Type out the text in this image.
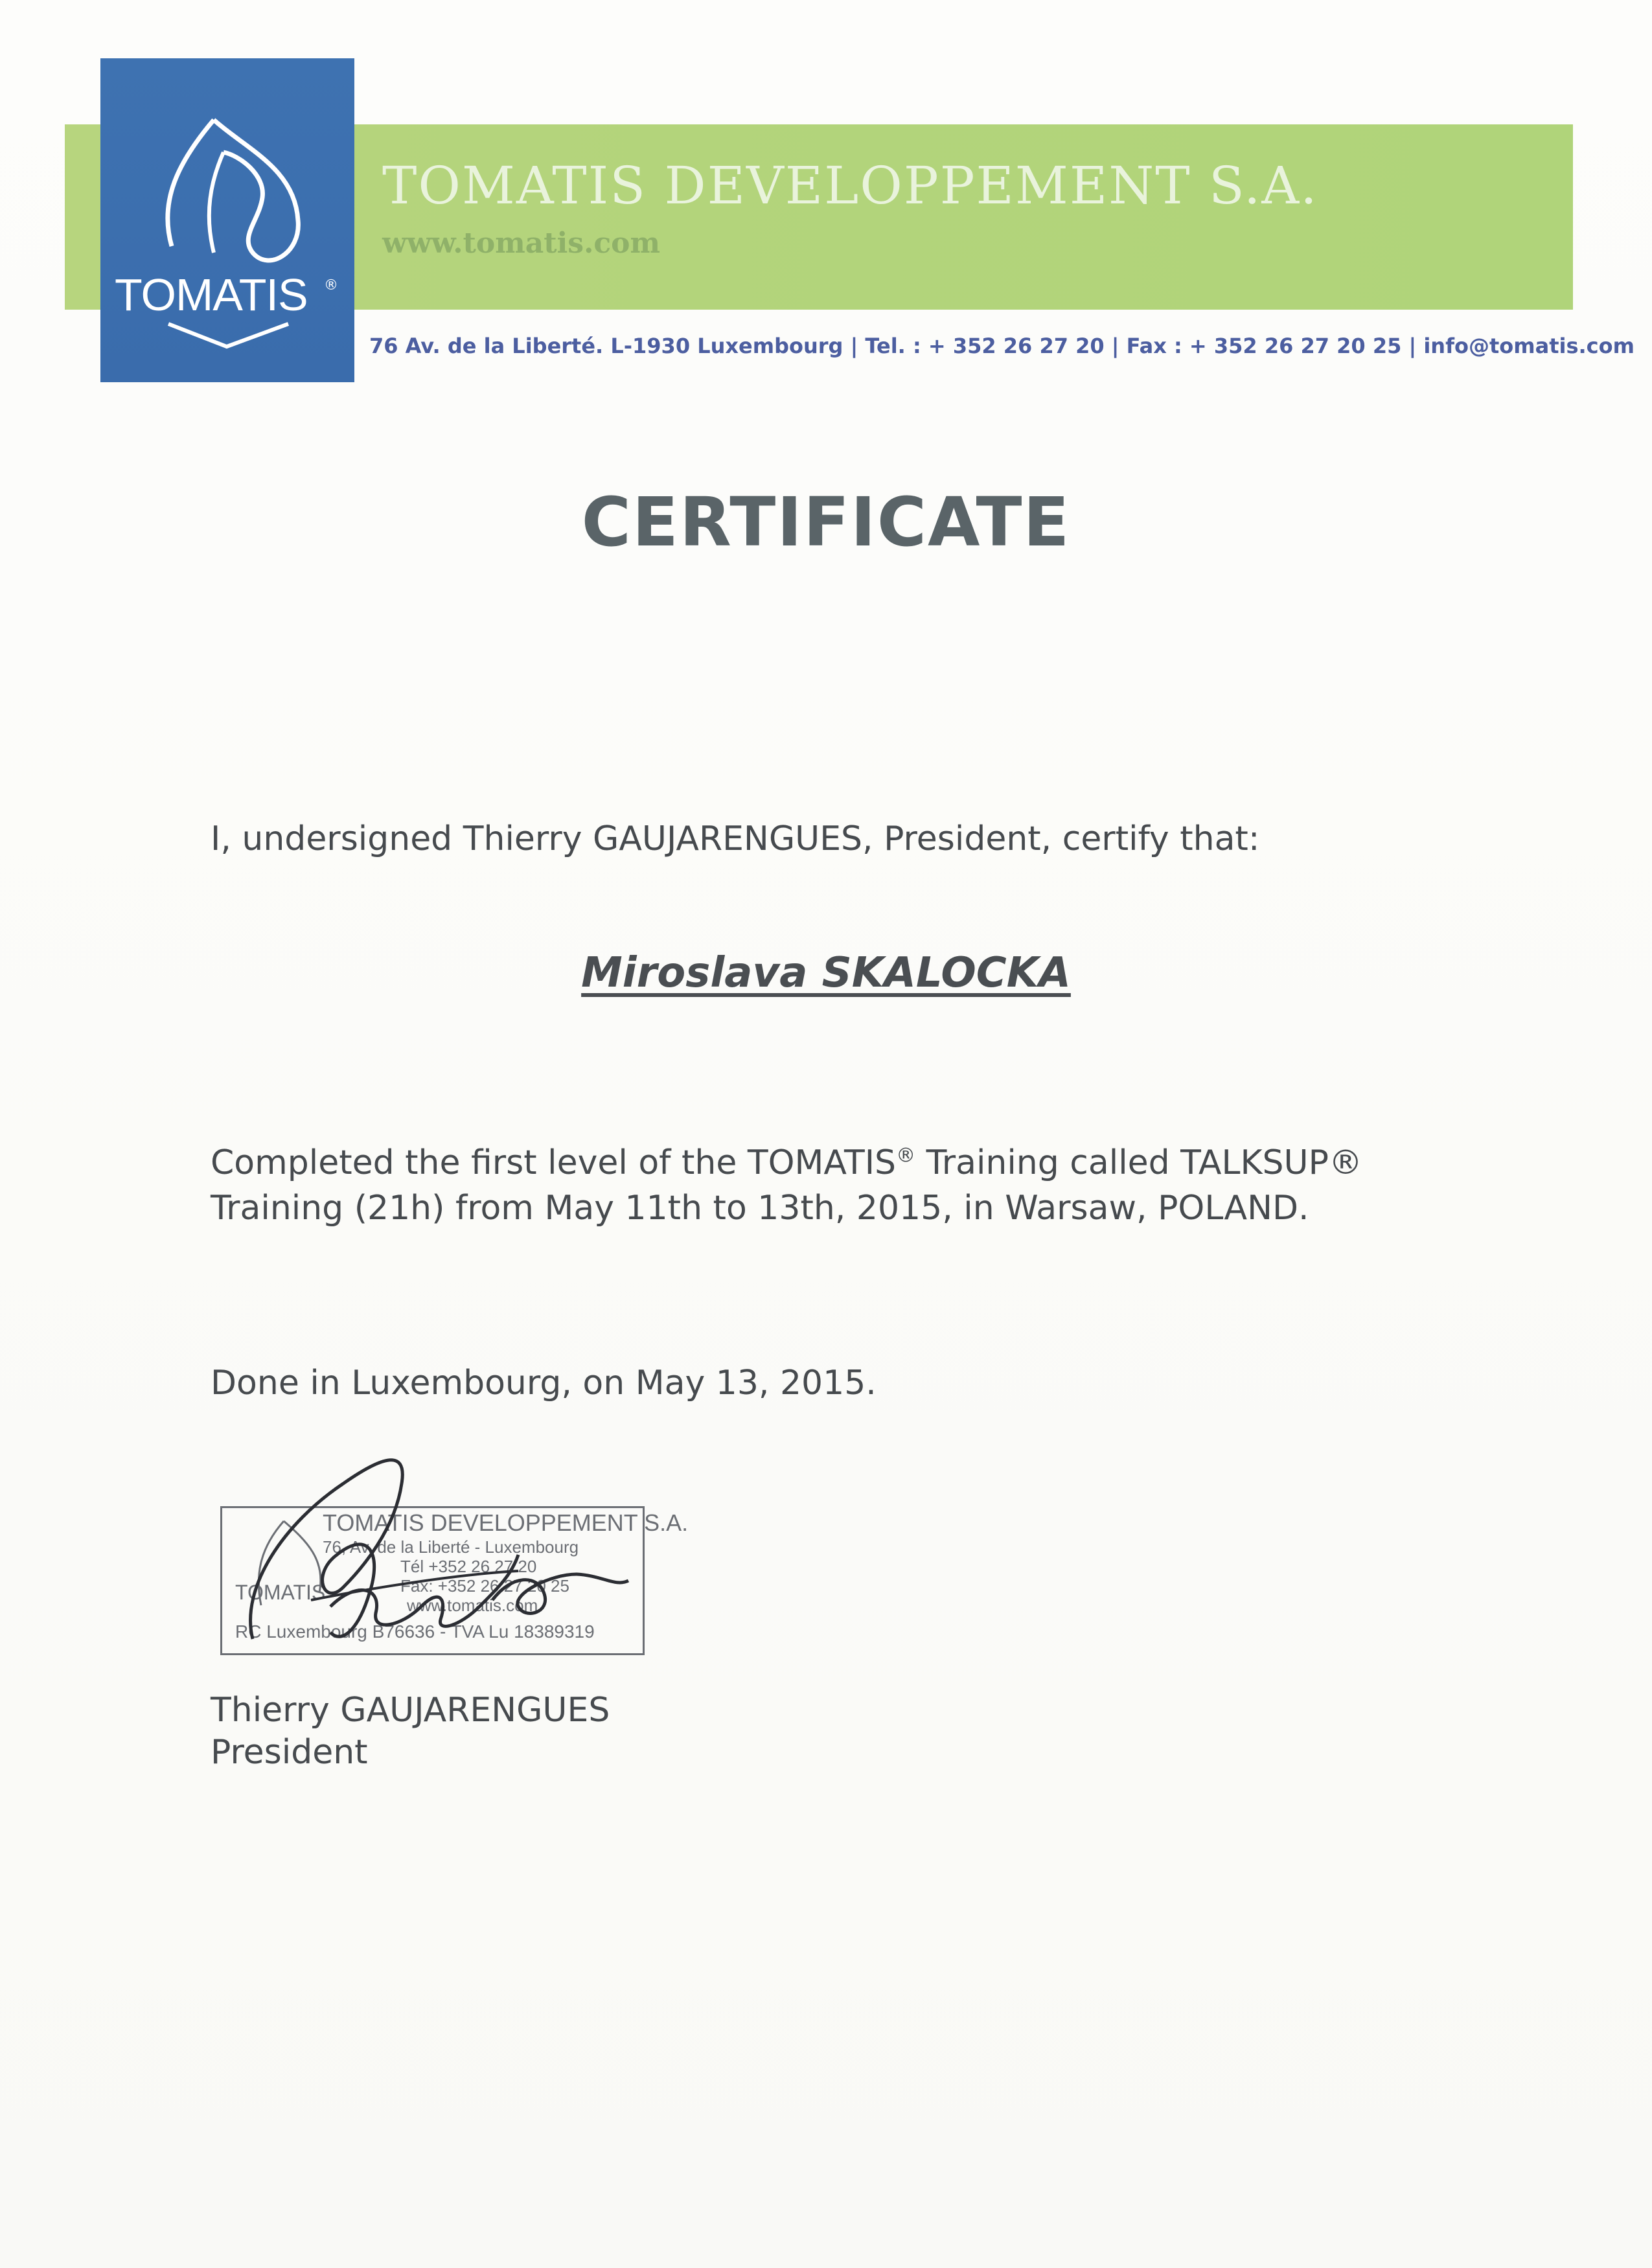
TOMATIS DEVELOPPEMENT S.A.
www.tomatis.com
TOMATIS ®
76 Av. de la Liberté. L-1930 Luxembourg | Tel. : + 352 26 27 20 | Fax : + 352 26 27 20 25 | info@tomatis.com
CERTIFICATE
I, undersigned Thierry GAUJARENGUES, President, certify that:
Miroslava SKALOCKA
Completed the first level of the TOMATIS® Training called TALKSUP®
Training (21h) from May 11th to 13th, 2015, in Warsaw, POLAND.
Done in Luxembourg, on May 13, 2015.
TOMATIS DEVELOPPEMENT S.A.
76, Av. de la Liberté - Luxembourg
Tél +352 26 27 20
Fax: +352 26 27 20 25
TOMATIS
www.tomatis.com
RC Luxembourg B76636 - TVA Lu 18389319
Thierry GAUJARENGUES
President
